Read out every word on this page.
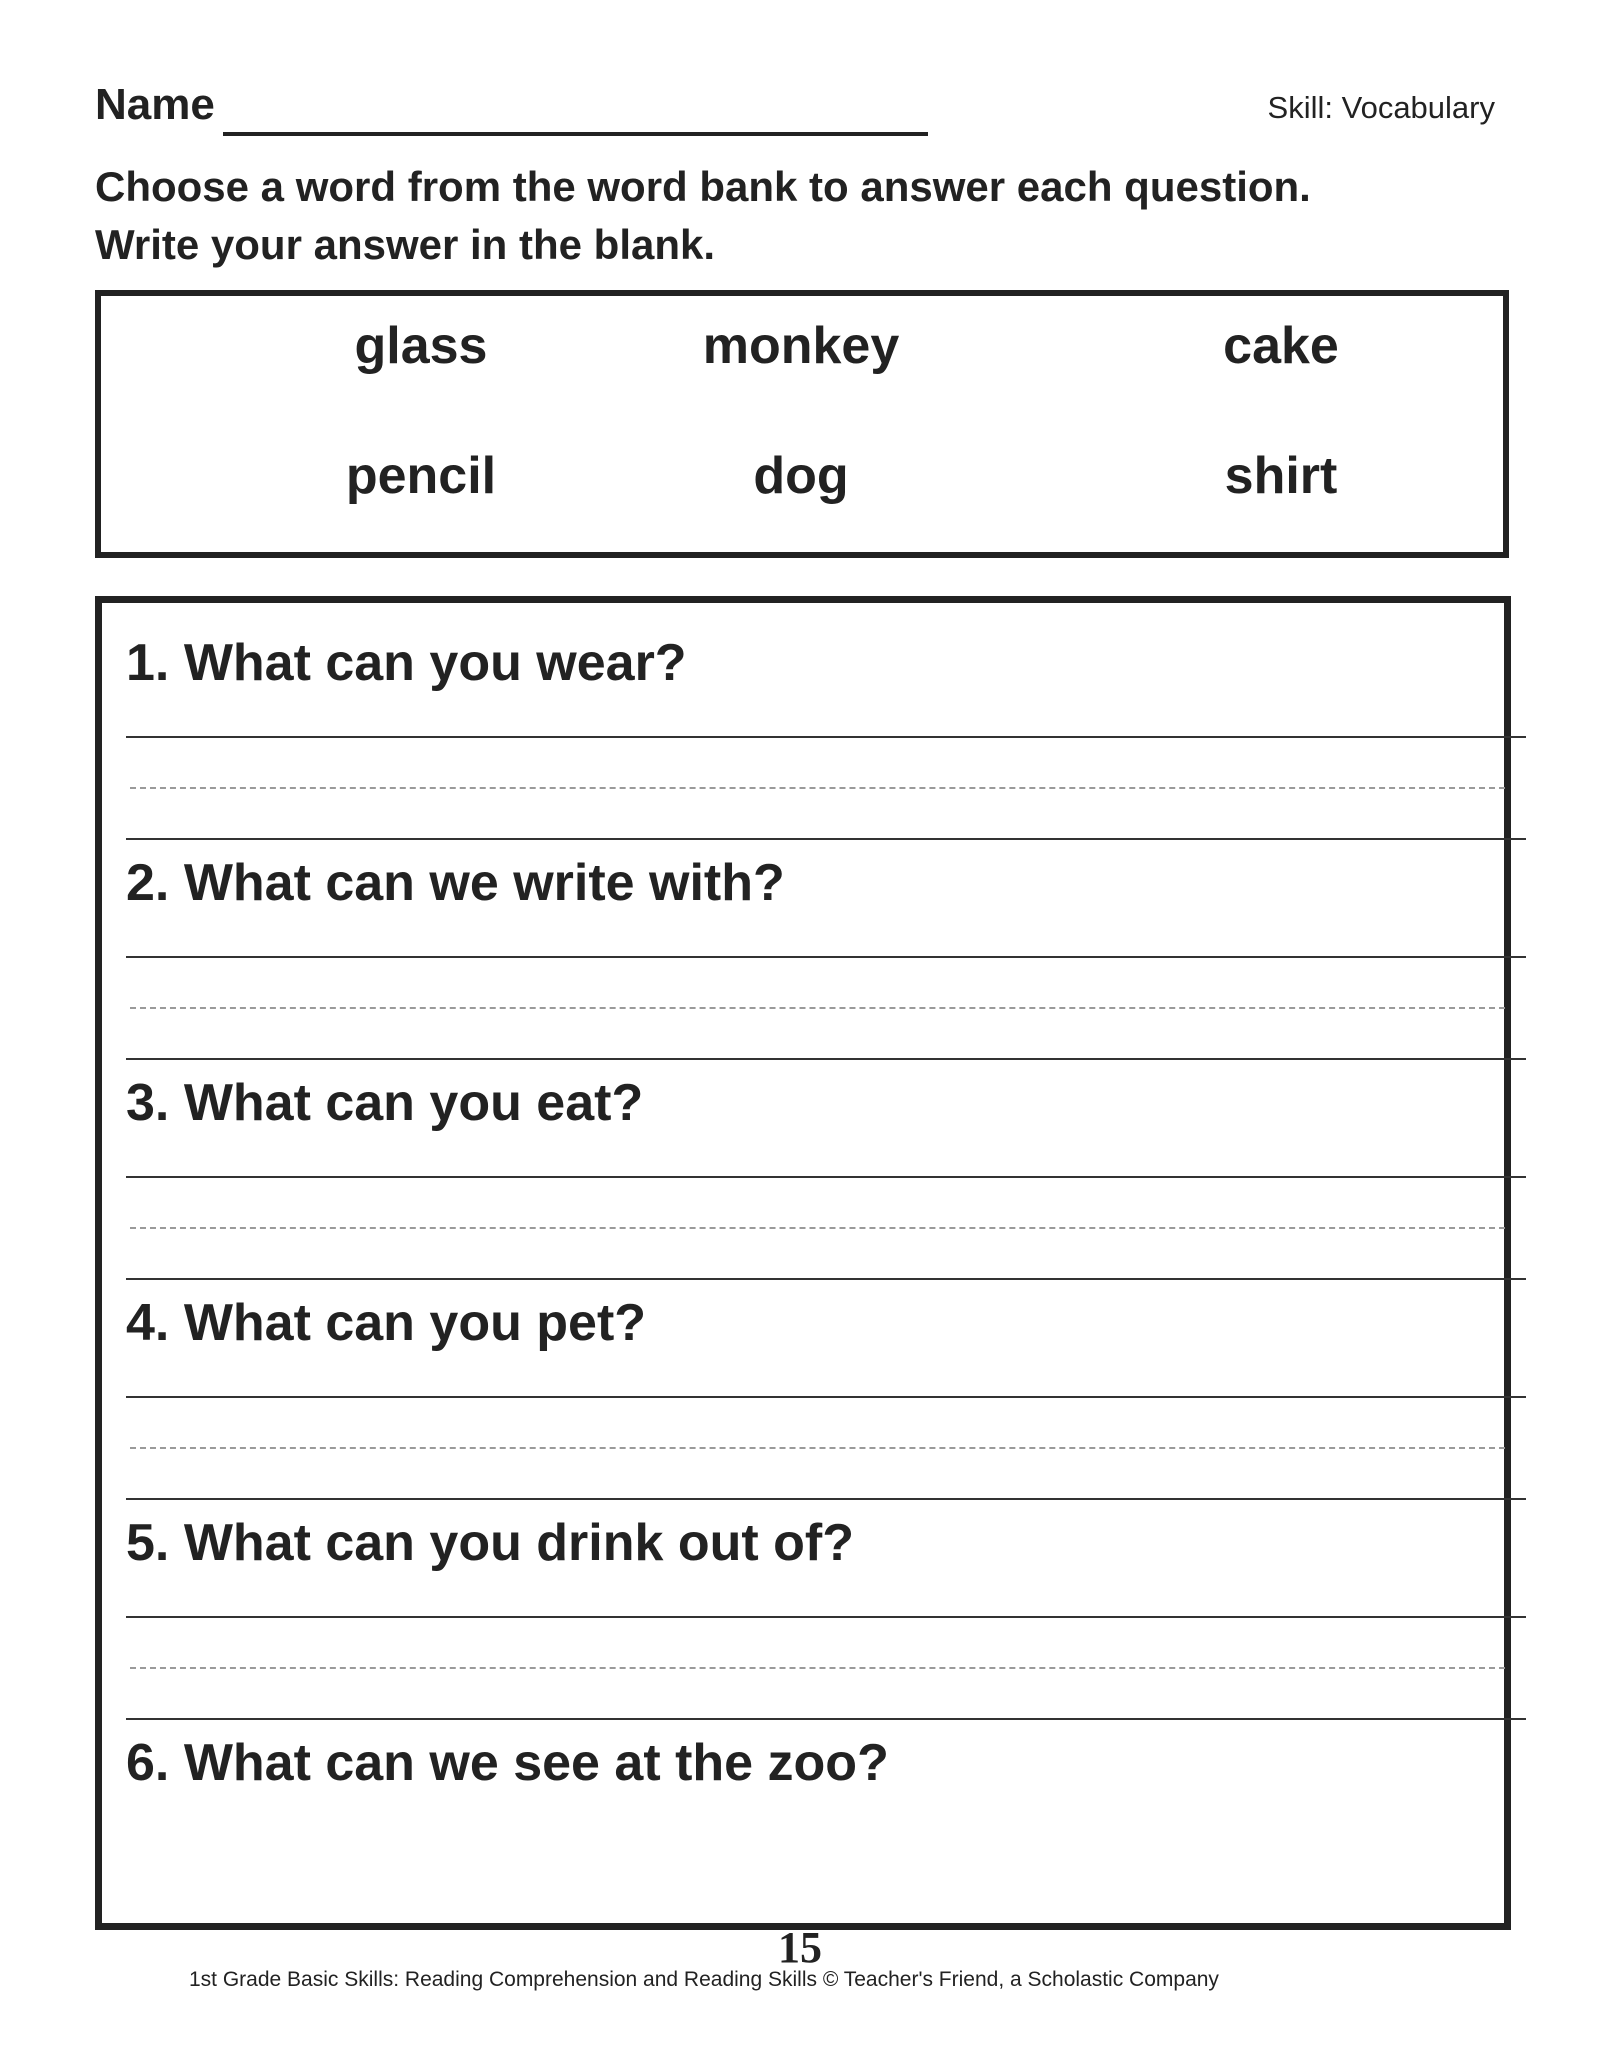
Name	Skill: Vocabulary
Choose a word from the word bank to answer each question.
Write your answer in the blank.
glass	monkey	cake
pencil	dog	shirt
1. What can you wear?
2. What can we write with?
3. What can you eat?
4. What can you pet?
5. What can you drink out of?
6. What can we see at the zoo?
15
1st Grade Basic Skills: Reading Comprehension and Reading Skills © Teacher's Friend, a Scholastic Company
